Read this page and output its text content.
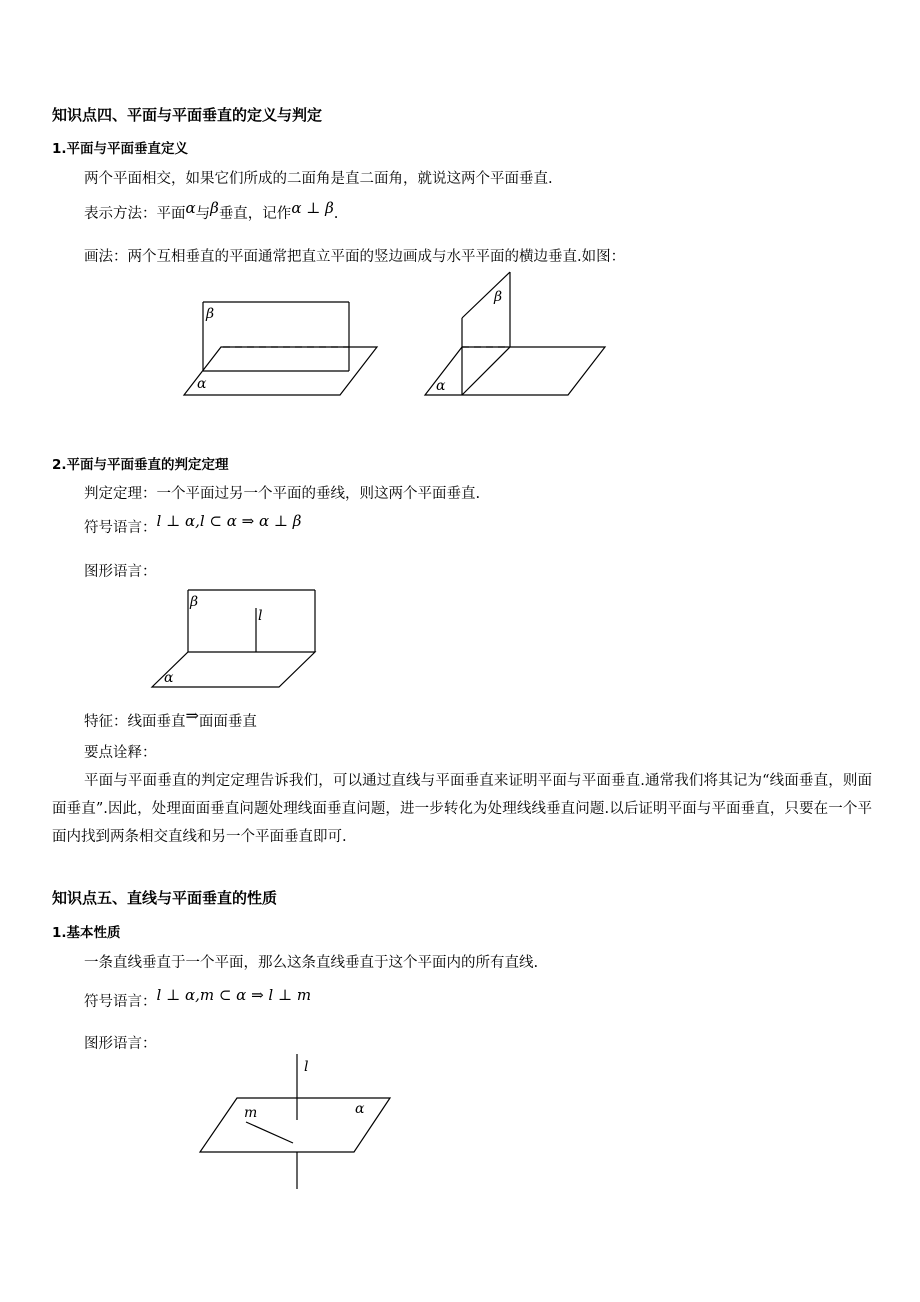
知识点四、平面与平面垂直的定义与判定
1.平面与平面垂直定义
两个平面相交，如果它们所成的二面角是直二面角，就说这两个平面垂直.
表示方法：平面α与β垂直，记作α ⊥ β.
画法：两个互相垂直的平面通常把直立平面的竖边画成与水平平面的横边垂直.如图：
β
α
β
α
2.平面与平面垂直的判定定理
判定定理：一个平面过另一个平面的垂线，则这两个平面垂直.
符号语言：l ⊥ α,l ⊂ α ⇒ α ⊥ β
图形语言：
β
l
α
特征：线面垂直⇒面面垂直
要点诠释：
平面与平面垂直的判定定理告诉我们，可以通过直线与平面垂直来证明平面与平面垂直.通常我们将其记为“线面垂直，则面面垂直”.因此，处理面面垂直问题处理线面垂直问题，进一步转化为处理线线垂直问题.以后证明平面与平面垂直，只要在一个平面内找到两条相交直线和另一个平面垂直即可.
知识点五、直线与平面垂直的性质
1.基本性质
一条直线垂直于一个平面，那么这条直线垂直于这个平面内的所有直线.
符号语言：l ⊥ α,m ⊂ α ⇒ l ⊥ m
图形语言：
l
m	α
